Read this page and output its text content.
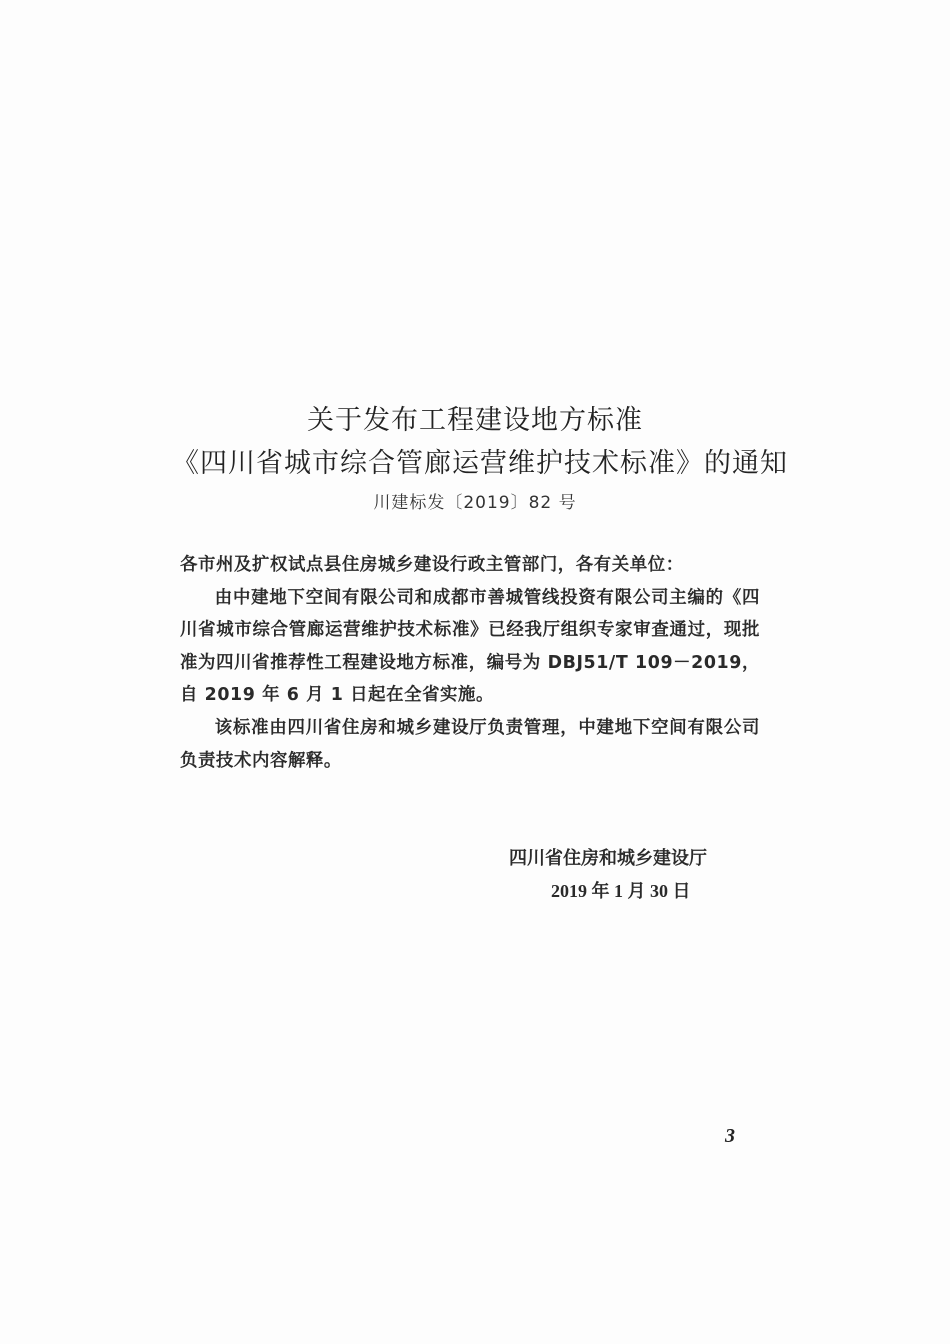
关于发布工程建设地方标准
《四川省城市综合管廊运营维护技术标准》的通知
川建标发〔2019〕82 号

各市州及扩权试点县住房城乡建设行政主管部门，各有关单位：

由中建地下空间有限公司和成都市善城管线投资有限公司主编的《四川省城市综合管廊运营维护技术标准》已经我厅组织专家审查通过，现批准为四川省推荐性工程建设地方标准，编号为 DBJ51/T 109－2019，自 2019 年 6 月 1 日起在全省实施。

该标准由四川省住房和城乡建设厅负责管理，中建地下空间有限公司负责技术内容解释。

四川省住房和城乡建设厅
2019 年 1 月 30 日
3
